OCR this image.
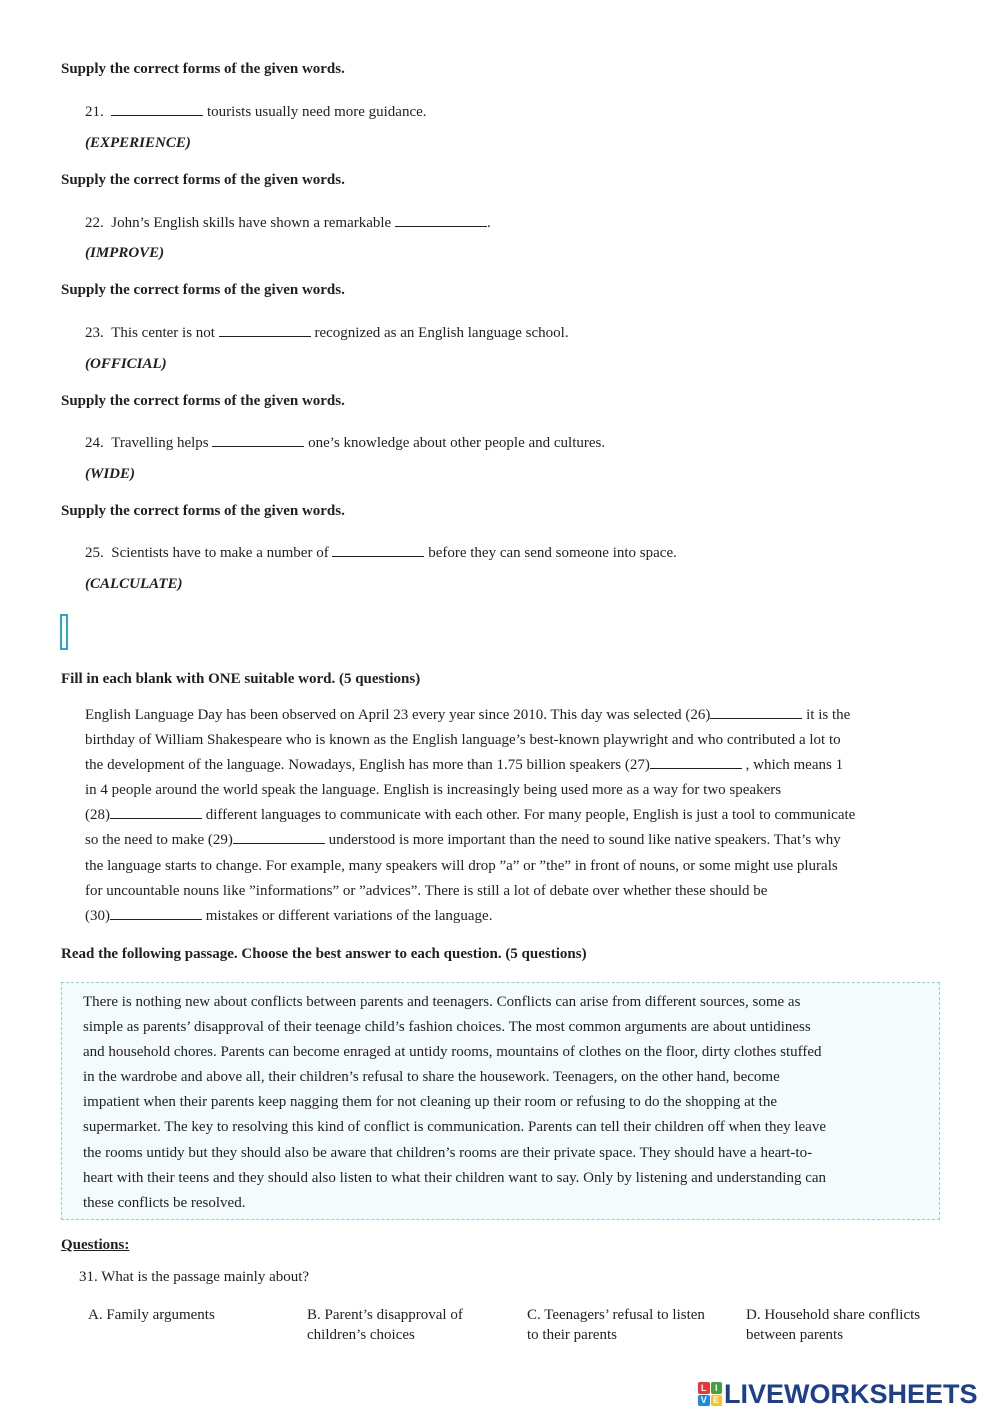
Supply the correct forms of the given words.
21.	tourists usually need more guidance.
(EXPERIENCE)
Supply the correct forms of the given words.
22. John’s English skills have shown a remarkable	.
(IMPROVE)
Supply the correct forms of the given words.
23. This center is not	recognized as an English language school.
(OFFICIAL)
Supply the correct forms of the given words.
24. Travelling helps	one’s knowledge about other people and cultures.
(WIDE)
Supply the correct forms of the given words.
25. Scientists have to make a number of	before they can send someone into space.
(CALCULATE)
Fill in each blank with ONE suitable word. (5 questions)
English Language Day has been observed on April 23 every year since 2010. This day was selected (26)	it is the
birthday of William Shakespeare who is known as the English language’s best-known playwright and who contributed a lot to
the development of the language. Nowadays, English has more than 1.75 billion speakers (27)	, which means 1
in 4 people around the world speak the language. English is increasingly being used more as a way for two speakers
(28)	different languages to communicate with each other. For many people, English is just a tool to communicate
so the need to make (29)	understood is more important than the need to sound like native speakers. That’s why
the language starts to change. For example, many speakers will drop ”a” or ”the” in front of nouns, or some might use plurals
for uncountable nouns like ”informations” or ”advices”. There is still a lot of debate over whether these should be
(30)	mistakes or different variations of the language.
Read the following passage. Choose the best answer to each question. (5 questions)
There is nothing new about conflicts between parents and teenagers. Conflicts can arise from different sources, some as
simple as parents’ disapproval of their teenage child’s fashion choices. The most common arguments are about untidiness
and household chores. Parents can become enraged at untidy rooms, mountains of clothes on the floor, dirty clothes stuffed
in the wardrobe and above all, their children’s refusal to share the housework. Teenagers, on the other hand, become
impatient when their parents keep nagging them for not cleaning up their room or refusing to do the shopping at the
supermarket. The key to resolving this kind of conflict is communication. Parents can tell their children off when they leave
the rooms untidy but they should also be aware that children’s rooms are their private space. They should have a heart-to-
heart with their teens and they should also listen to what their children want to say. Only by listening and understanding can
these conflicts be resolved.
Questions:
31. What is the passage mainly about?
A. Family arguments	B. Parent’s disapproval of children’s choices
C. Teenagers’ refusal to listen to their parents
D. Household share conflicts between parents
L I
V E LIVEWORKSHEETS
